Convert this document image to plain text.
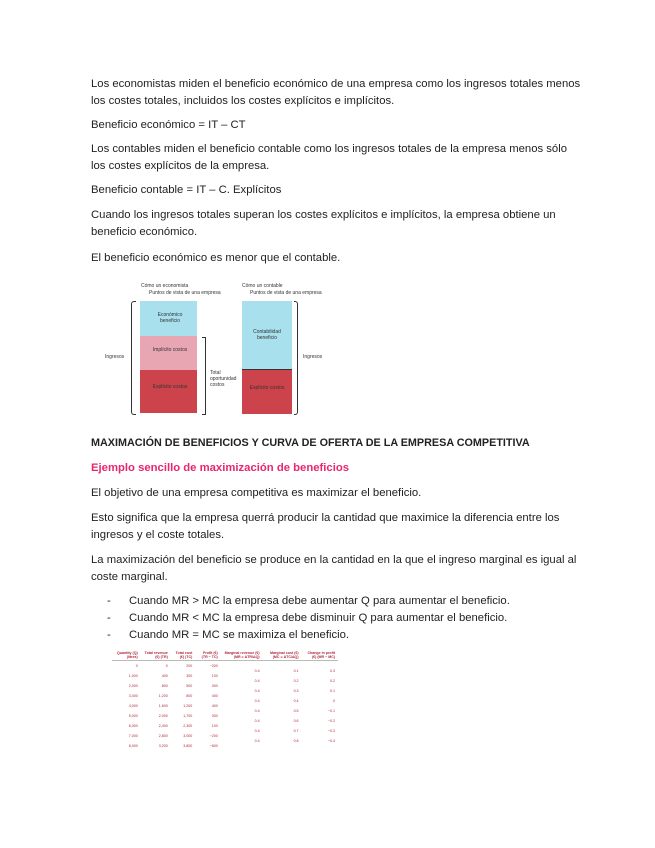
Los economistas miden el beneficio económico de una empresa como los ingresos totales menos los costes totales, incluidos los costes explícitos e implícitos.
Beneficio económico = IT – CT
Los contables miden el beneficio contable como los ingresos totales de la empresa menos sólo los costes explícitos de la empresa.
Beneficio contable = IT – C. Explícitos
Cuando los ingresos totales superan los costes explícitos e implícitos, la empresa obtiene un beneficio económico.
El beneficio económico es menor que el contable.
Cómo un economista
Puntos de vista de una empresa
Cómo un contable
Puntos de vista de una empresa
Económico beneficio
Implícito costos
Explícito costos
Ingresos
Total oportunidad costos
Contabilidad beneficio
Explícito costos
Ingresos
MAXIMACIÓN DE BENEFICIOS Y CURVA DE OFERTA DE LA EMPRESA COMPETITIVA
Ejemplo sencillo de maximización de beneficios
El objetivo de una empresa competitiva es maximizar el beneficio.
Esto significa que la empresa querrá producir la cantidad que maximice la diferencia entre los ingresos y el coste totales.
La maximización del beneficio se produce en la cantidad en la que el ingreso marginal es igual al coste marginal.
- Cuando MR > MC la empresa debe aumentar Q para aumentar el beneficio.
- Cuando MR < MC la empresa debe disminuir Q para aumentar el beneficio.
- Cuando MR = MC se maximiza el beneficio.
Quantity (Q) (litres)	Total revenue (€) (TR)	Total cost (€) (TC)	Profit (€) (TR − TC)	Marginal revenue (€) (MR = ΔTR/ΔQ)	Marginal cost (€) (MC = ΔTC/ΔQ)	Change in profit (€) (MR − MC)
0	0	200	−200	0.4	0.1	0.3
1,000	400	300	100	0.4	0.2	0.2
2,000	800	500	300	0.4	0.3	0.1
3,000	1,200	800	400	0.4	0.4	0
4,000	1,600	1,200	400	0.4	0.5	−0.1
5,000	2,000	1,700	300	0.4	0.6	−0.2
6,000	2,400	2,300	100	0.4	0.7	−0.3
7,000	2,800	3,000	−200	0.4	0.8	−0.4
8,000	3,200	3,800	−600			
